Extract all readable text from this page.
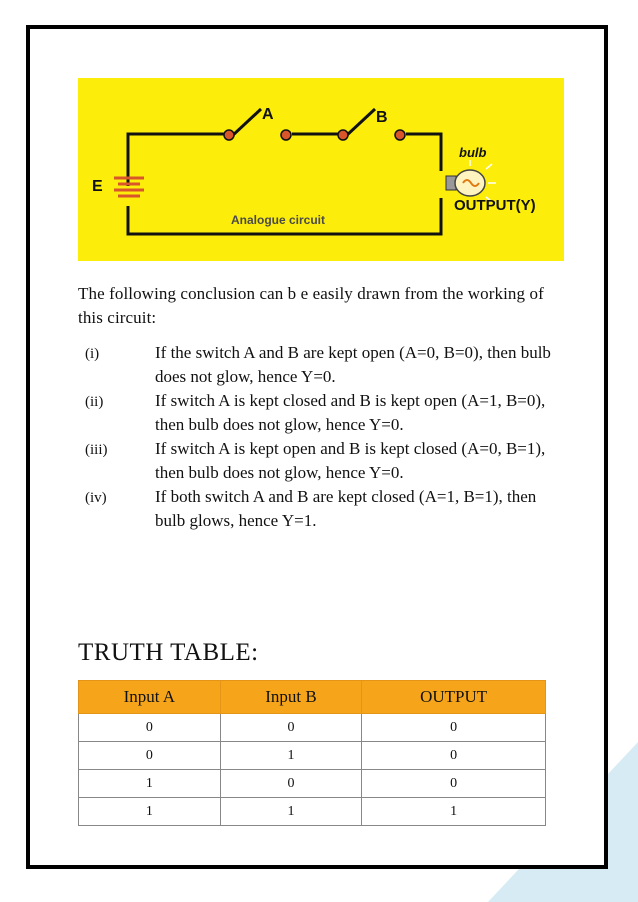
A	B
E
bulb
OUTPUT(Y)
Analogue circuit
The following conclusion can b e easily drawn from the working of this circuit:
(i)	If the switch A and B are kept open (A=0, B=0), then bulb does not glow, hence Y=0.
(ii)	If switch A is kept closed and B is kept open (A=1, B=0), then bulb does not glow, hence Y=0.
(iii)	If switch A is kept open and B is kept closed (A=0, B=1), then bulb does not glow, hence Y=0.
(iv)	If both switch A and B are kept closed (A=1, B=1), then bulb glows, hence Y=1.
TRUTH TABLE:
Input A	Input B	OUTPUT
0	0	0
0	1	0
1	0	0
1	1	1
